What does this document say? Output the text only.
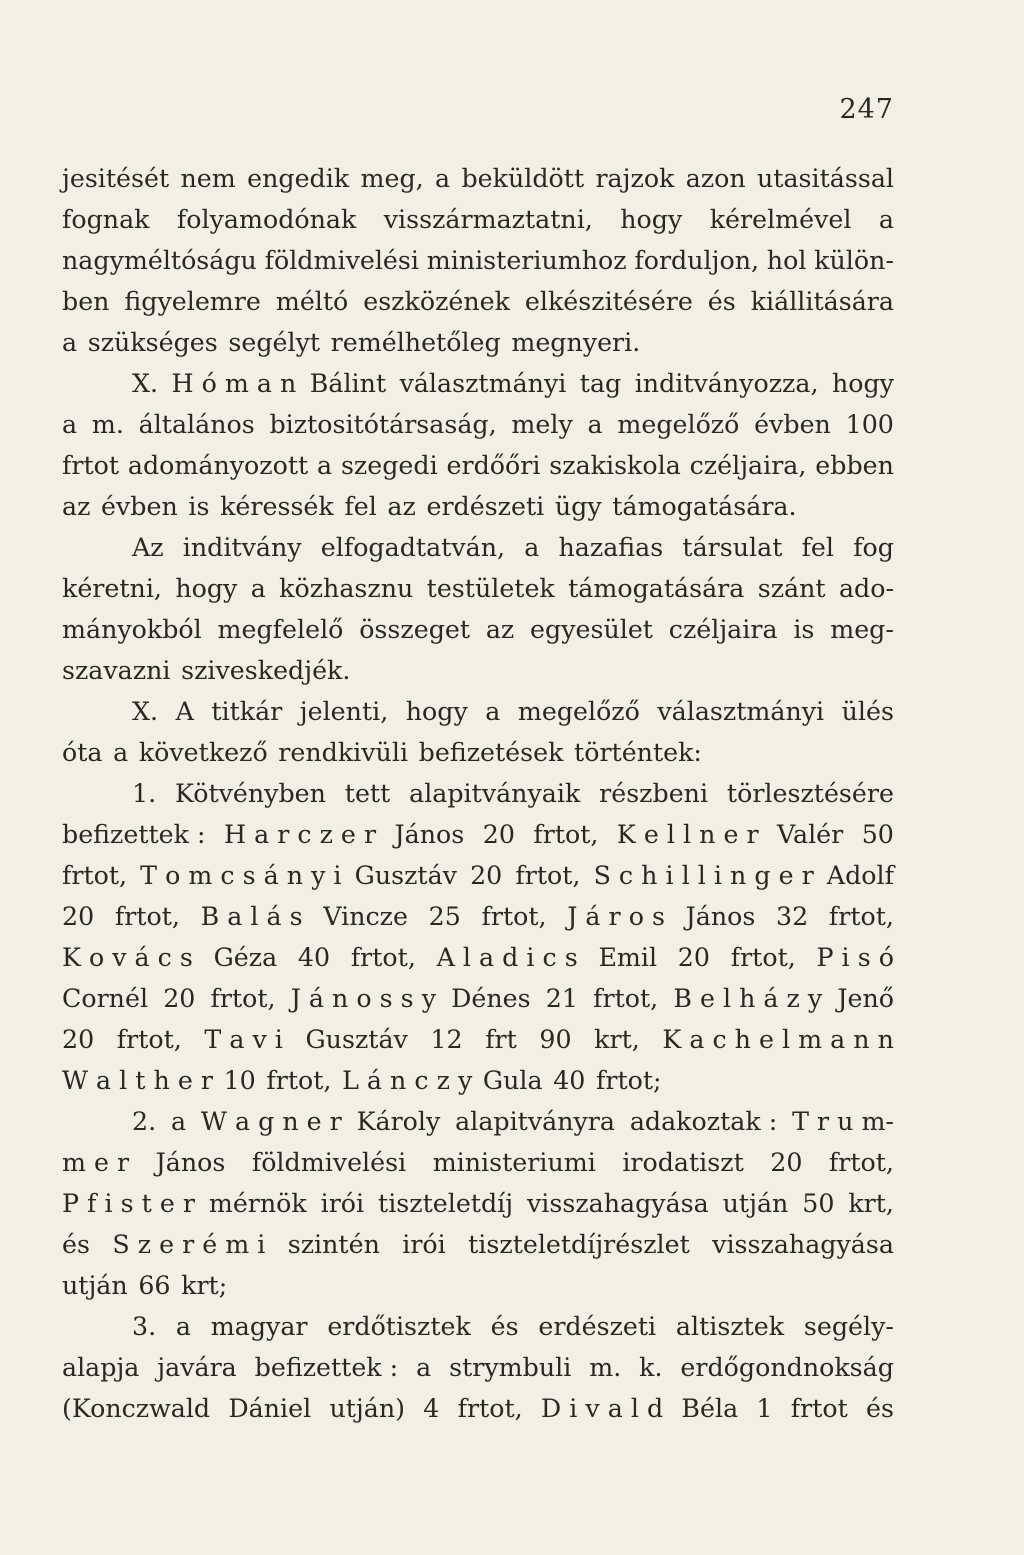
247
jesitését nem engedik meg, a beküldött rajzok azon utasitással
fognak folyamodónak visszármaztatni, hogy kérelmével a
nagyméltóságu földmivelési ministeriumhoz forduljon, hol külön-
ben figyelemre méltó eszközének elkészitésére és kiállitására
a szükséges segélyt remélhetőleg megnyeri.
X. H ó m a n Bálint választmányi tag inditványozza, hogy
a m. általános biztositótársaság, mely a megelőző évben 100
frtot adományozott a szegedi erdőőri szakiskola czéljaira, ebben
az évben is kéressék fel az erdészeti ügy támogatására.
Az inditvány elfogadtatván, a hazafias társulat fel fog
kéretni, hogy a közhasznu testületek támogatására szánt ado-
mányokból megfelelő összeget az egyesület czéljaira is meg-
szavazni sziveskedjék.
X. A titkár jelenti, hogy a megelőző választmányi ülés
óta a következő rendkivüli befizetések történtek:
1. Kötvényben tett alapitványaik részbeni törlesztésére
befizettek : H a r c z e r János 20 frtot, K e l l n e r Valér 50
frtot, T o m c s á n y i Gusztáv 20 frtot, S c h i l l i n g e r Adolf
20 frtot, B a l á s Vincze 25 frtot, J á r o s János 32 frtot,
K o v á c s Géza 40 frtot, A l a d i c s Emil 20 frtot, P i s ó
Cornél 20 frtot, J á n o s s y Dénes 21 frtot, B e l h á z y Jenő
20 frtot, T a v i Gusztáv 12 frt 90 krt, K a c h e l m a n n
W a l t h e r 10 frtot, L á n c z y Gula 40 frtot;
2. a W a g n e r Károly alapitványra adakoztak : T r u m-
m e r János földmivelési ministeriumi irodatiszt 20 frtot,
P f i s t e r mérnök irói tiszteletdíj visszahagyása utján 50 krt,
és S z e r é m i szintén irói tiszteletdíjrészlet visszahagyása
utján 66 krt;
3. a magyar erdőtisztek és erdészeti altisztek segély-
alapja javára befizettek : a strymbuli m. k. erdőgondnokság
(Konczwald Dániel utján) 4 frtot, D i v a l d Béla 1 frtot és
